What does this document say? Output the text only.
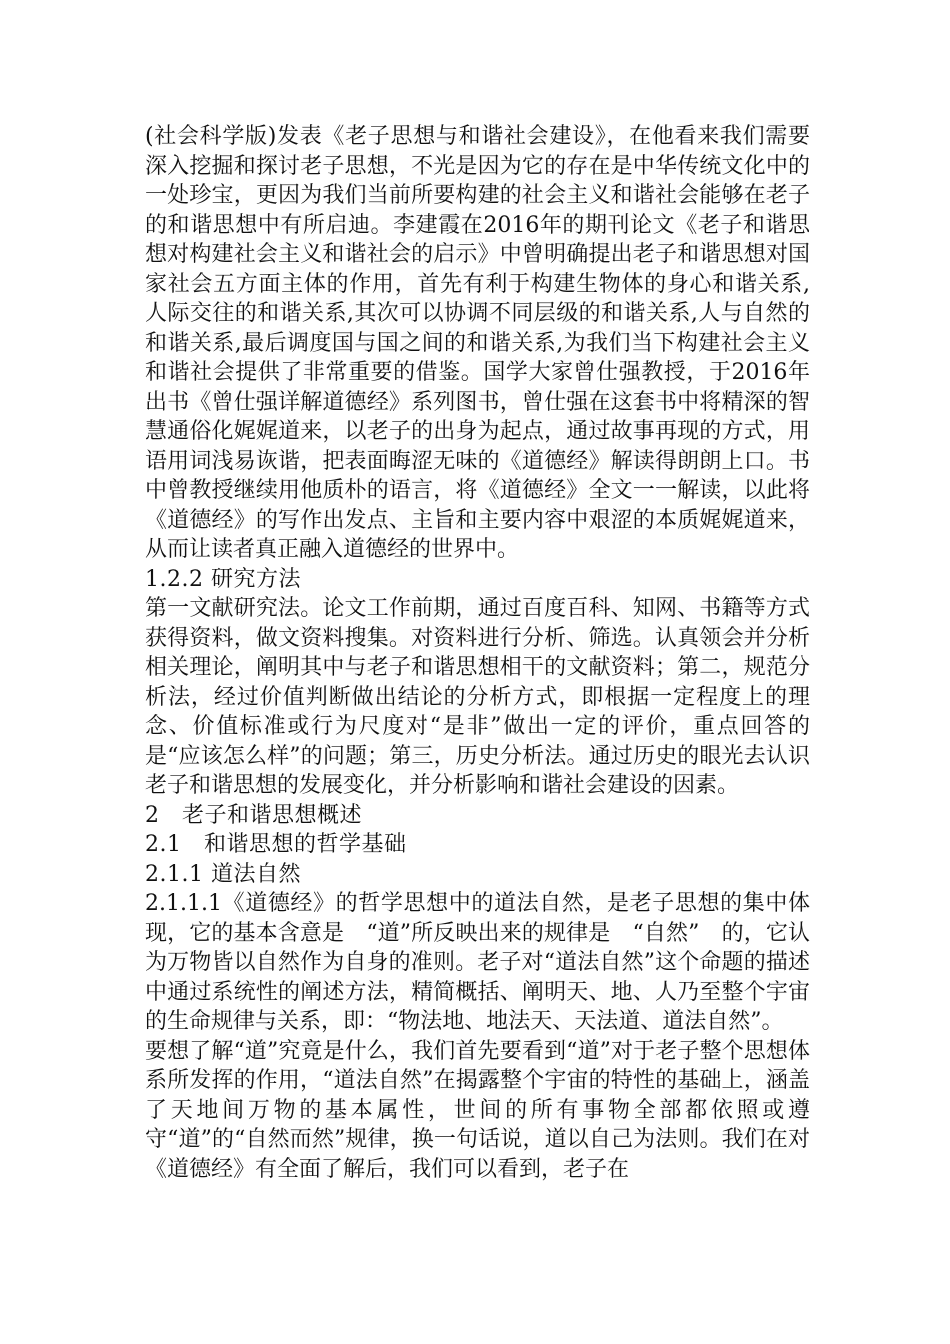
(社会科学版)发表《老子思想与和谐社会建设》，在他看来我们需要深入挖掘和探讨老子思想，不光是因为它的存在是中华传统文化中的一处珍宝，更因为我们当前所要构建的社会主义和谐社会能够在老子的和谐思想中有所启迪。李建霞在2016年的期刊论文《老子和谐思想对构建社会主义和谐社会的启示》中曾明确提出老子和谐思想对国家社会五方面主体的作用，首先有利于构建生物体的身心和谐关系,人际交往的和谐关系,其次可以协调不同层级的和谐关系,人与自然的和谐关系,最后调度国与国之间的和谐关系,为我们当下构建社会主义和谐社会提供了非常重要的借鉴。国学大家曾仕强教授，于2016年出书《曾仕强详解道德经》系列图书，曾仕强在这套书中将精深的智慧通俗化娓娓道来，以老子的出身为起点，通过故事再现的方式，用语用词浅易诙谐，把表面晦涩无味的《道德经》解读得朗朗上口。书中曾教授继续用他质朴的语言，将《道德经》全文一一解读，以此将《道德经》的写作出发点、主旨和主要内容中艰涩的本质娓娓道来，从而让读者真正融入道德经的世界中。

1.2.2 研究方法

第一文献研究法。论文工作前期，通过百度百科、知网、书籍等方式获得资料，做文资料搜集。对资料进行分析、筛选。认真领会并分析相关理论，阐明其中与老子和谐思想相干的文献资料；第二，规范分析法，经过价值判断做出结论的分析方式，即根据一定程度上的理念、价值标准或行为尺度对“是非”做出一定的评价，重点回答的是“应该怎么样”的问题；第三，历史分析法。通过历史的眼光去认识老子和谐思想的发展变化，并分析影响和谐社会建设的因素。

2　老子和谐思想概述
2.1　和谐思想的哲学基础
2.1.1 道法自然

2.1.1.1《道德经》的哲学思想中的道法自然，是老子思想的集中体现，它的基本含意是　“道”所反映出来的规律是　“自然”　的，它认为万物皆以自然作为自身的准则。老子对“道法自然”这个命题的描述中通过系统性的阐述方法，精简概括、阐明天、地、人乃至整个宇宙的生命规律与关系，即：“物法地、地法天、天法道、道法自然”。

要想了解“道”究竟是什么，我们首先要看到“道”对于老子整个思想体系所发挥的作用，“道法自然”在揭露整个宇宙的特性的基础上，涵盖了天地间万物的基本属性，世间的所有事物全部都依照或遵守“道”的“自然而然”规律，换一句话说，道以自己为法则。我们在对《道德经》有全面了解后，我们可以看到，老子在
